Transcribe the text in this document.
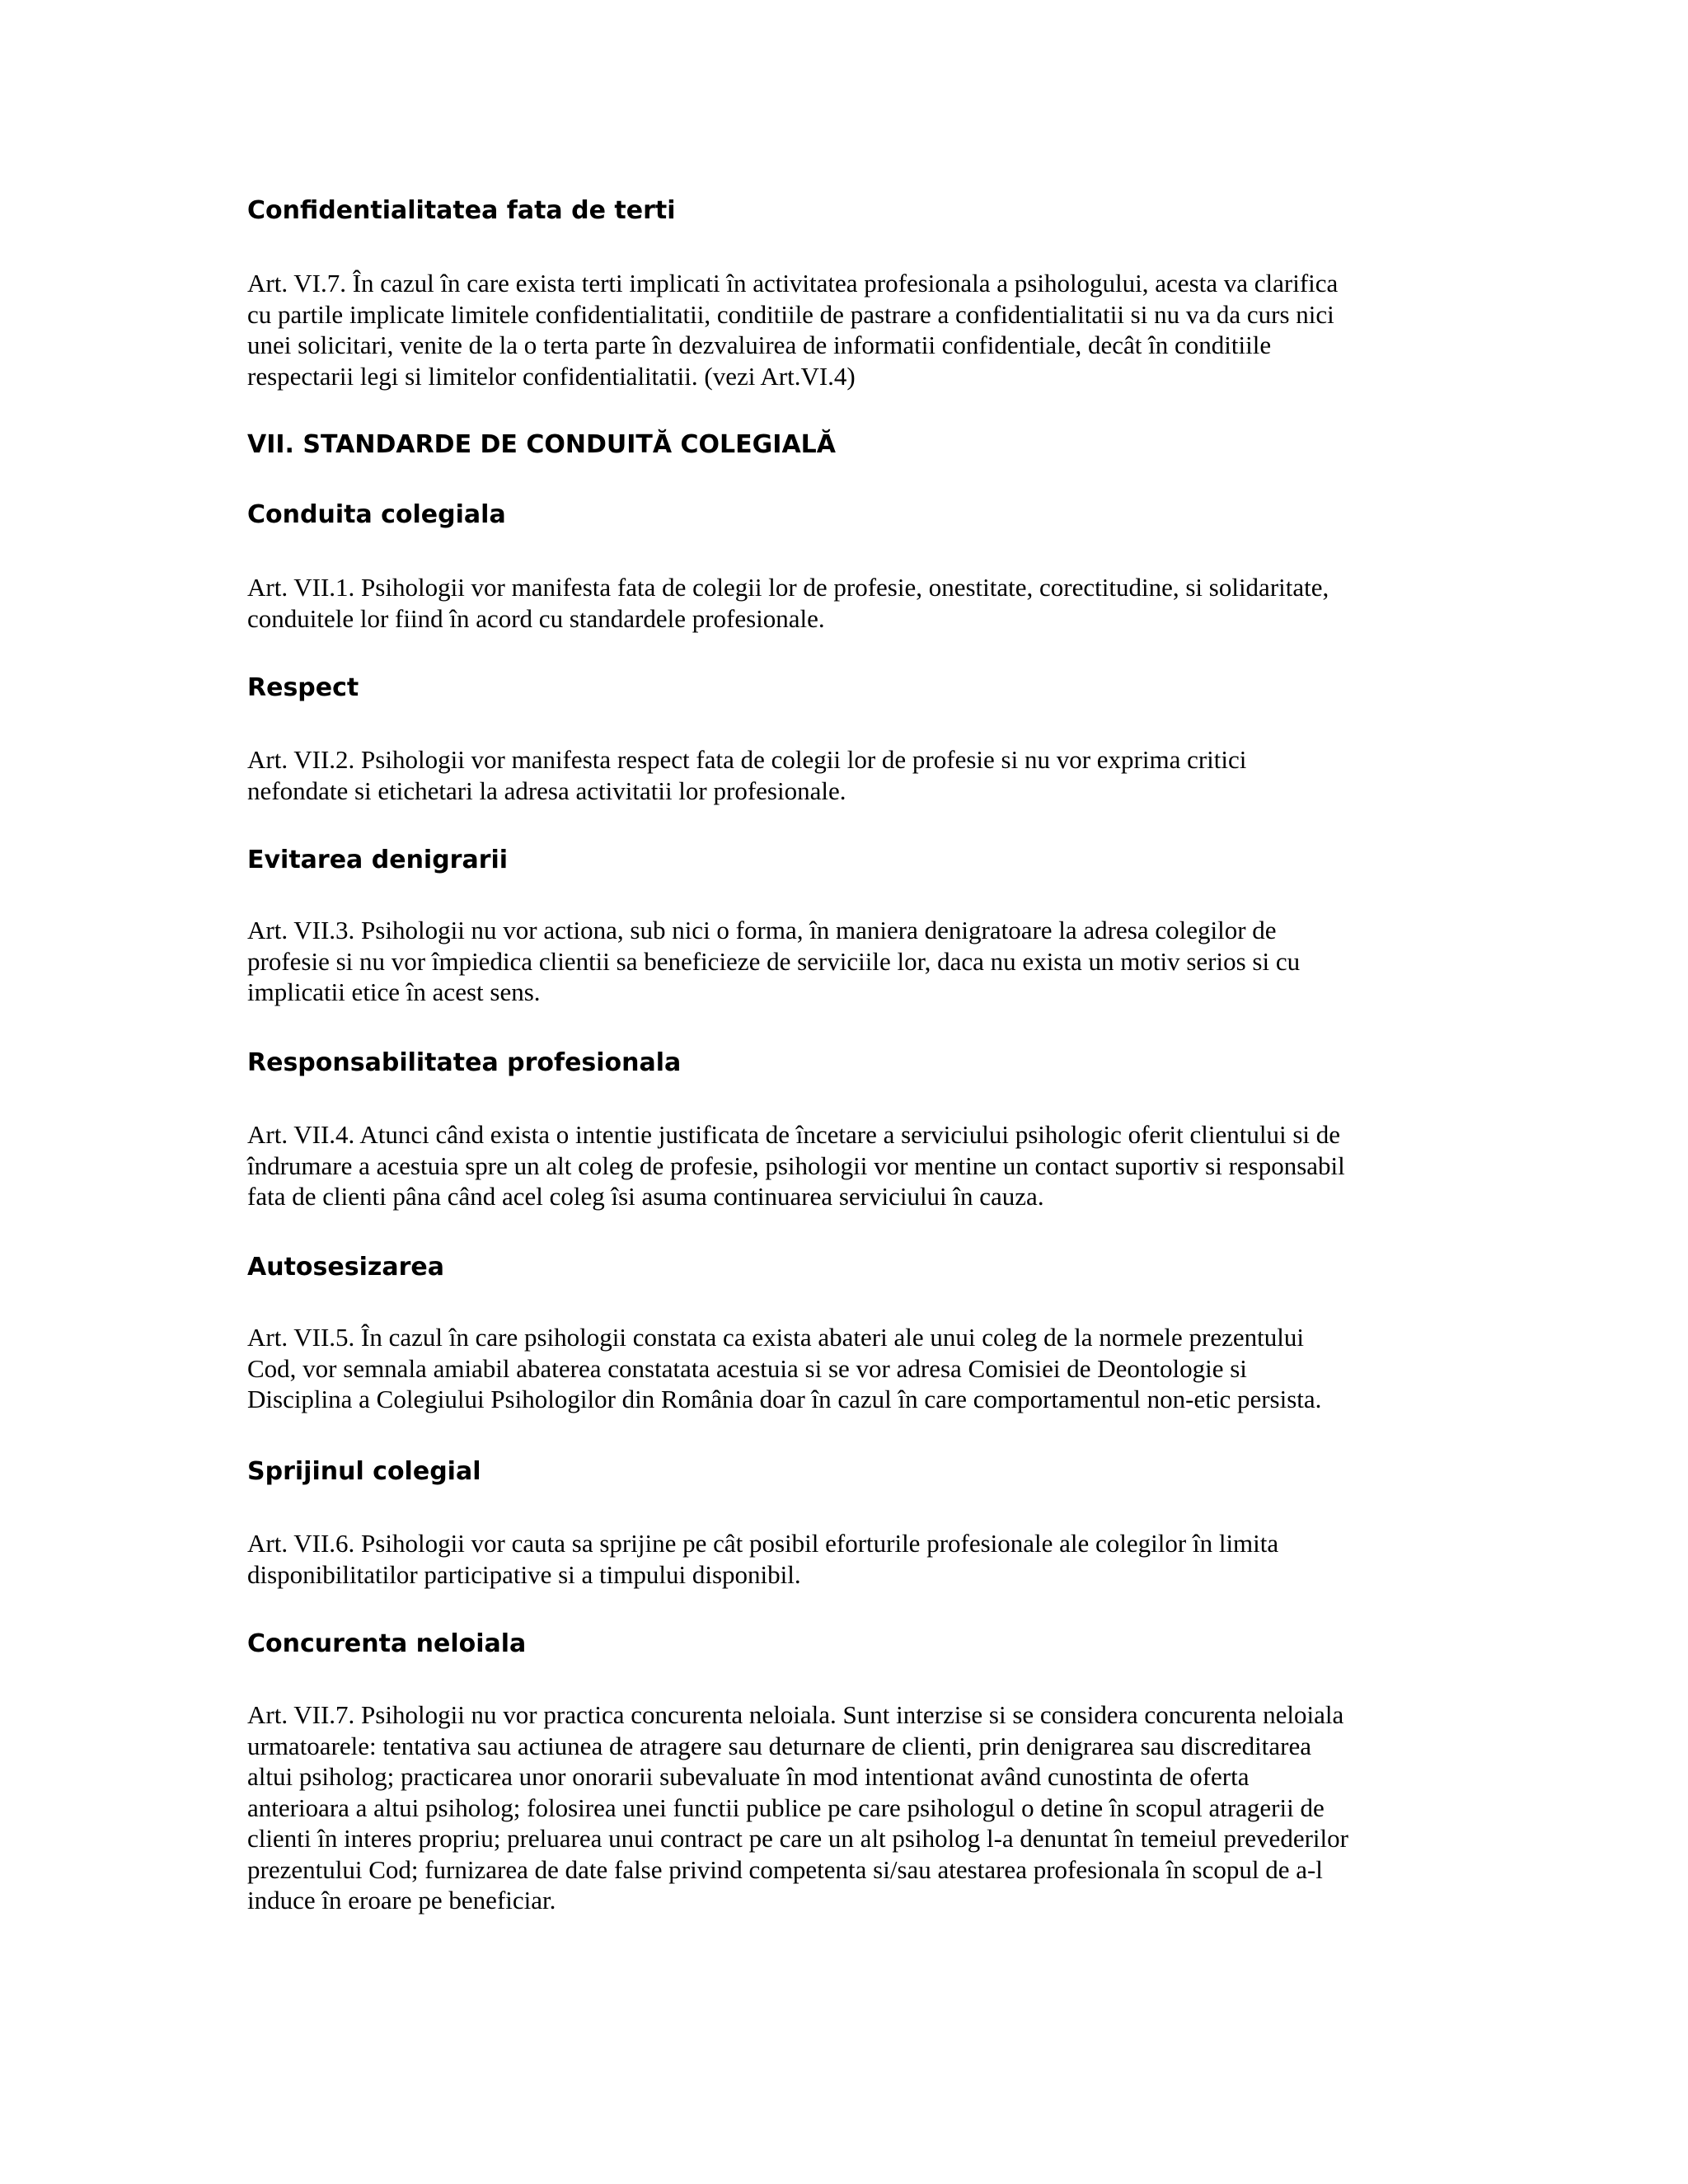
Confidentialitatea fata de terti
Art. VI.7. În cazul în care exista terti implicati în activitatea profesionala a psihologului, acesta va clarifica
cu partile implicate limitele confidentialitatii, conditiile de pastrare a confidentialitatii si nu va da curs nici
unei solicitari, venite de la o terta parte în dezvaluirea de informatii confidentiale, decât în conditiile
respectarii legi si limitelor confidentialitatii. (vezi Art.VI.4)
VII. STANDARDE DE CONDUITĂ COLEGIALĂ
Conduita colegiala
Art. VII.1. Psihologii vor manifesta fata de colegii lor de profesie, onestitate, corectitudine, si solidaritate,
conduitele lor fiind în acord cu standardele profesionale.
Respect
Art. VII.2. Psihologii vor manifesta respect fata de colegii lor de profesie si nu vor exprima critici
nefondate si etichetari la adresa activitatii lor profesionale.
Evitarea denigrarii
Art. VII.3. Psihologii nu vor actiona, sub nici o forma, în maniera denigratoare la adresa colegilor de
profesie si nu vor împiedica clientii sa beneficieze de serviciile lor, daca nu exista un motiv serios si cu
implicatii etice în acest sens.
Responsabilitatea profesionala
Art. VII.4. Atunci când exista o intentie justificata de încetare a serviciului psihologic oferit clientului si de
îndrumare a acestuia spre un alt coleg de profesie, psihologii vor mentine un contact suportiv si responsabil
fata de clienti pâna când acel coleg îsi asuma continuarea serviciului în cauza.
Autosesizarea
Art. VII.5. În cazul în care psihologii constata ca exista abateri ale unui coleg de la normele prezentului
Cod, vor semnala amiabil abaterea constatata acestuia si se vor adresa Comisiei de Deontologie si
Disciplina a Colegiului Psihologilor din România doar în cazul în care comportamentul non-etic persista.
Sprijinul colegial
Art. VII.6. Psihologii vor cauta sa sprijine pe cât posibil eforturile profesionale ale colegilor în limita
disponibilitatilor participative si a timpului disponibil.
Concurenta neloiala
Art. VII.7. Psihologii nu vor practica concurenta neloiala. Sunt interzise si se considera concurenta neloiala
urmatoarele: tentativa sau actiunea de atragere sau deturnare de clienti, prin denigrarea sau discreditarea
altui psiholog; practicarea unor onorarii subevaluate în mod intentionat având cunostinta de oferta
anterioara a altui psiholog; folosirea unei functii publice pe care psihologul o detine în scopul atragerii de
clienti în interes propriu; preluarea unui contract pe care un alt psiholog l-a denuntat în temeiul prevederilor
prezentului Cod; furnizarea de date false privind competenta si/sau atestarea profesionala în scopul de a-l
induce în eroare pe beneficiar.
